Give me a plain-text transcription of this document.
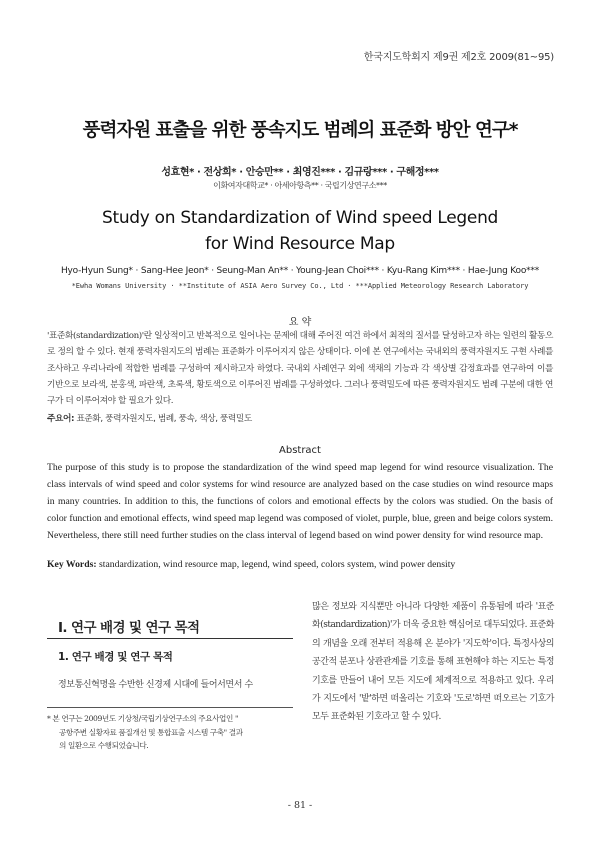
한국지도학회지 제9권 제2호 2009(81~95)
풍력자원 표출을 위한 풍속지도 범례의 표준화 방안 연구*
성효현* · 전상희* · 안승만** · 최영진*** · 김규랑*** · 구해정***
이화여자대학교* · 아세아항측** · 국립기상연구소***
Study on Standardization of Wind speed Legend
for Wind Resource Map
Hyo-Hyun Sung* · Sang-Hee Jeon* · Seung-Man An** · Young-Jean Choi*** · Kyu-Rang Kim*** · Hae-Jung Koo***
*Ewha Womans University · **Institute of ASIA Aero Survey Co., Ltd · ***Applied Meteorology Research Laboratory
요 약
'표준화(standardization)'란 일상적이고 반복적으로 일어나는 문제에 대해 주어진 여건 하에서 최적의 질서를 달성하고자 하는 일련의 활동으로 정의 할 수 있다. 현재 풍력자원지도의 범례는 표준화가 이루어지지 않은 상태이다. 이에 본 연구에서는 국내외의 풍력자원지도 구현 사례를 조사하고 우리나라에 적합한 범례를 구성하여 제시하고자 하였다. 국내외 사례연구 외에 색채의 기능과 각 색상별 감정효과를 연구하여 이를 기반으로 보라색, 분홍색, 파란색, 초록색, 황토색으로 이루어진 범례를 구성하였다. 그러나 풍력밀도에 따른 풍력자원지도 범례 구분에 대한 연구가 더 이루어져야 할 필요가 있다.
주요어: 표준화, 풍력자원지도, 범례, 풍속, 색상, 풍력밀도
Abstract
The purpose of this study is to propose the standardization of the wind speed map legend for wind resource visualization. The class intervals of wind speed and color systems for wind resource are analyzed based on the case studies on wind resource maps in many countries. In addition to this, the functions of colors and emotional effects by the colors was studied. On the basis of color function and emotional effects, wind speed map legend was composed of violet, purple, blue, green and beige colors system. Nevertheless, there still need further studies on the class interval of legend based on wind power density for wind resource map.
Key Words: standardization, wind resource map, legend, wind speed, colors system, wind power density
I. 연구 배경 및 연구 목적
1. 연구 배경 및 연구 목적
정보통신혁명을 수반한 신경제 시대에 들어서면서 수
* 본 연구는 2009년도 기상청/국립기상연구소의 주요사업인 "

공항주변 실황자료 품질개선 및 통합표출 시스템 구축" 결과
의 일환으로 수행되었습니다.
많은 정보와 지식뿐만 아니라 다양한 제품이 유통됨에 따라 '표준화(standardization)'가 더욱 중요한 핵심어로 대두되었다. 표준화의 개념을 오래 전부터 적용해 온 분야가 '지도학'이다. 특정사상의 공간적 분포나 상관관계를 기호를 통해 표현해야 하는 지도는 특정기호를 만들어 내어 모든 지도에 체계적으로 적용하고 있다. 우리가 지도에서 '밭'하면 떠올리는 기호와 '도로'하면 떠오르는 기호가 모두 표준화된 기호라고 할 수 있다.
- 81 -
